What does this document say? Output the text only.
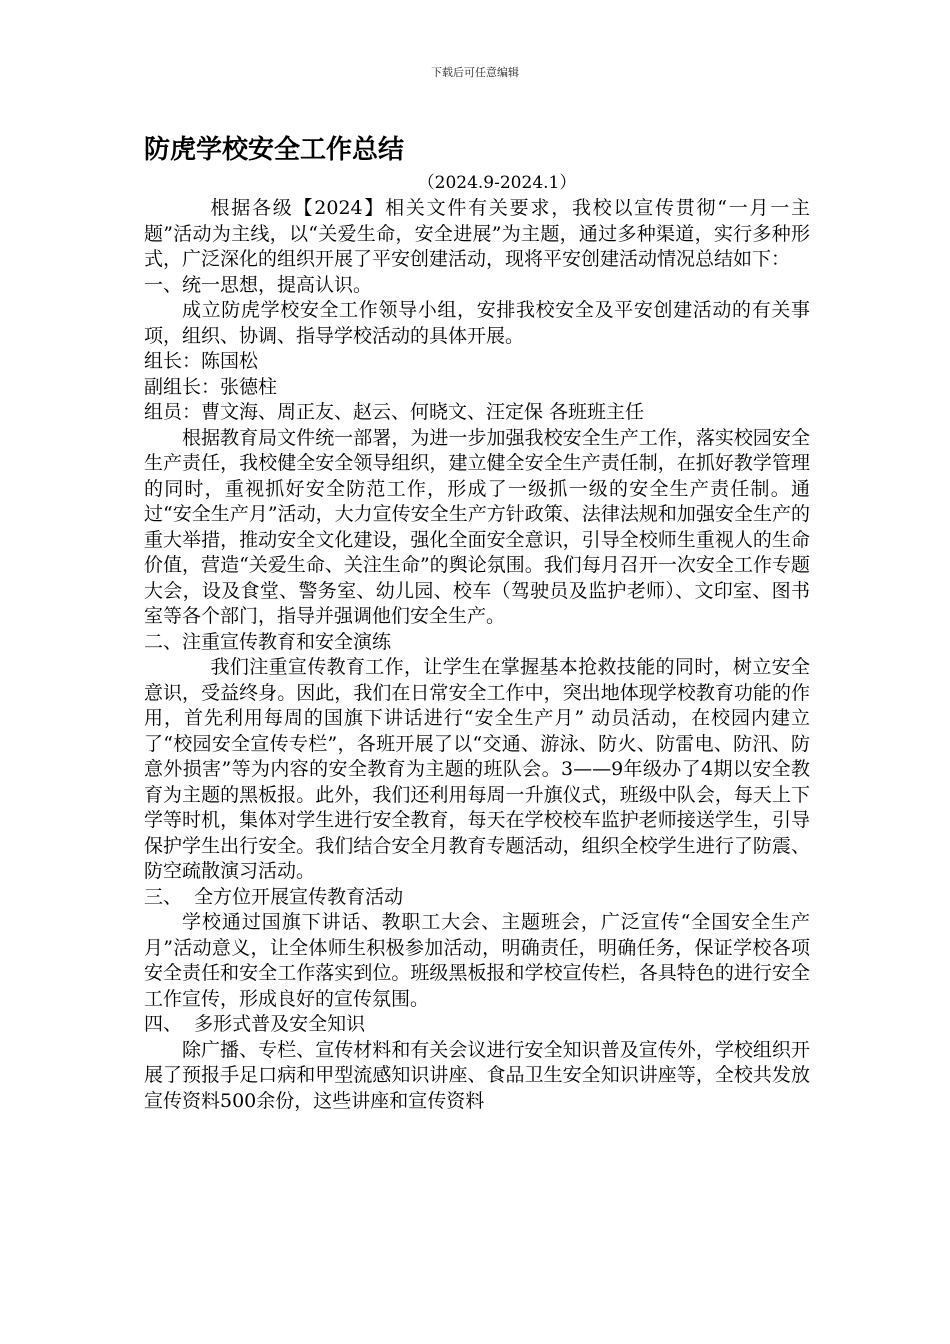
下载后可任意编辑
防虎学校安全工作总结
（2024.9-2024.1）

根据各级【2024】相关文件有关要求，我校以宣传贯彻“一月一主题”活动为主线，以“关爱生命，安全进展”为主题，通过多种渠道，实行多种形式，广泛深化的组织开展了平安创建活动，现将平安创建活动情况总结如下：

一、统一思想，提高认识。

成立防虎学校安全工作领导小组，安排我校安全及平安创建活动的有关事项，组织、协调、指导学校活动的具体开展。

组长：陈国松
副组长：张德柱
组员：曹文海、周正友、赵云、何晓文、汪定保 各班班主任

根据教育局文件统一部署，为进一步加强我校安全生产工作，落实校园安全生产责任，我校健全安全领导组织，建立健全安全生产责任制，在抓好教学管理的同时，重视抓好安全防范工作，形成了一级抓一级的安全生产责任制。通过“安全生产月”活动，大力宣传安全生产方针政策、法律法规和加强安全生产的重大举措，推动安全文化建设，强化全面安全意识，引导全校师生重视人的生命价值，营造“关爱生命、关注生命”的舆论氛围。我们每月召开一次安全工作专题大会，设及食堂、警务室、幼儿园、校车（驾驶员及监护老师）、文印室、图书室等各个部门，指导并强调他们安全生产。

二、注重宣传教育和安全演练

我们注重宣传教育工作，让学生在掌握基本抢救技能的同时，树立安全意识，受益终身。因此，我们在日常安全工作中，突出地体现学校教育功能的作用，首先利用每周的国旗下讲话进行“安全生产月” 动员活动，在校园内建立了“校园安全宣传专栏”，各班开展了以“交通、游泳、防火、防雷电、防汛、防意外损害”等为内容的安全教育为主题的班队会。3——9年级办了4期以安全教育为主题的黑板报。此外，我们还利用每周一升旗仪式，班级中队会，每天上下学等时机，集体对学生进行安全教育，每天在学校校车监护老师接送学生，引导保护学生出行安全。我们结合安全月教育专题活动，组织全校学生进行了防震、防空疏散演习活动。

三、  全方位开展宣传教育活动

学校通过国旗下讲话、教职工大会、主题班会，广泛宣传“全国安全生产月”活动意义，让全体师生积极参加活动，明确责任，明确任务，保证学校各项安全责任和安全工作落实到位。班级黑板报和学校宣传栏，各具特色的进行安全工作宣传，形成良好的宣传氛围。

四、  多形式普及安全知识

除广播、专栏、宣传材料和有关会议进行安全知识普及宣传外，学校组织开展了预报手足口病和甲型流感知识讲座、食品卫生安全知识讲座等，全校共发放宣传资料500余份，这些讲座和宣传资料
